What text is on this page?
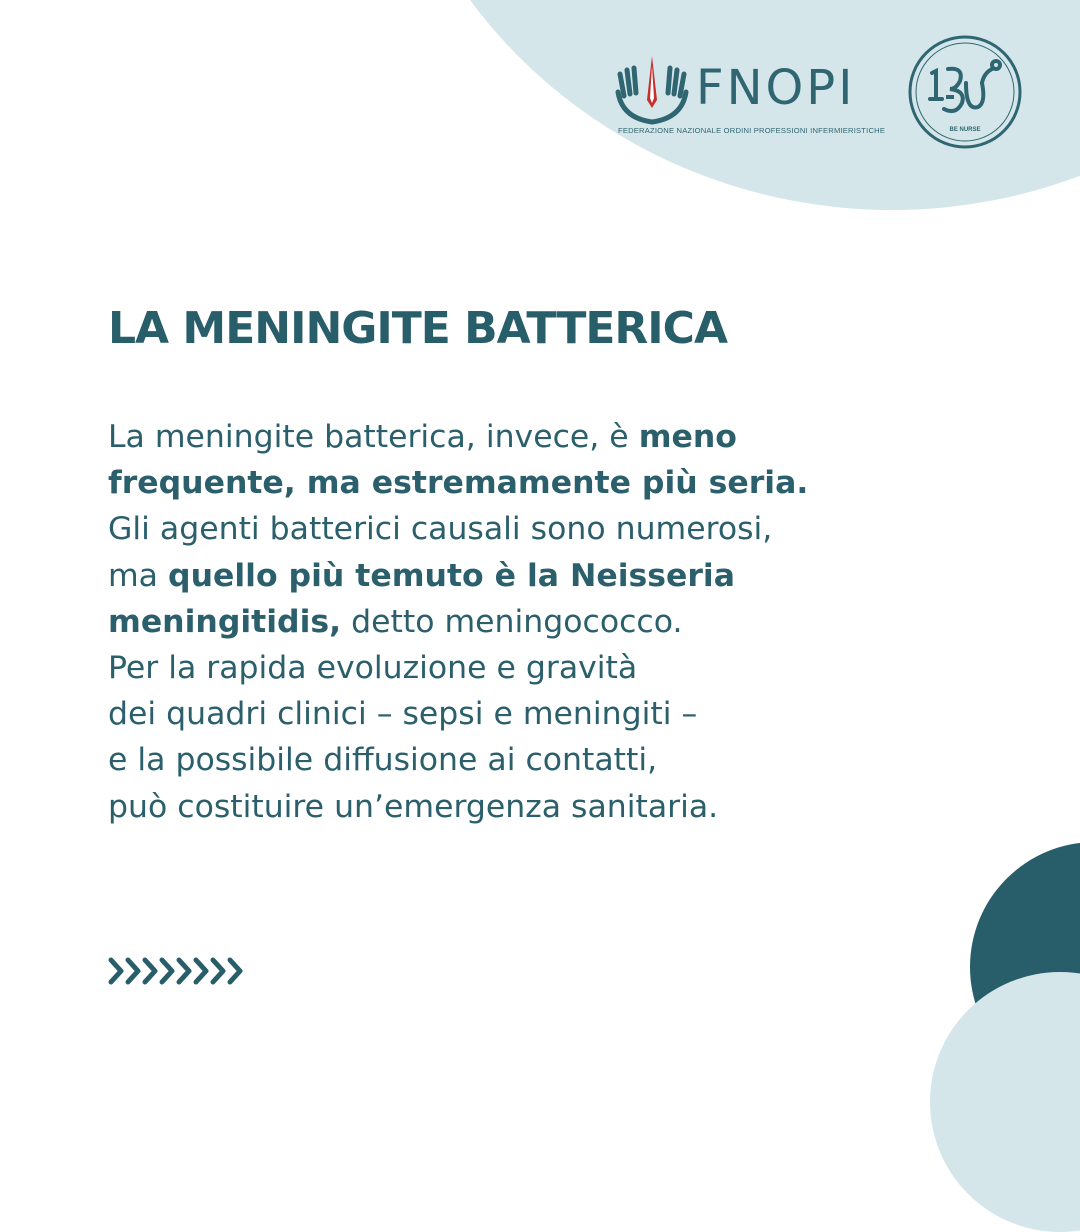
FNOPI
FEDERAZIONE NAZIONALE ORDINI PROFESSIONI INFERMIERISTICHE	BE NURSE
LA MENINGITE BATTERICA
La meningite batterica, invece, è meno
frequente, ma estremamente più seria.
Gli agenti batterici causali sono numerosi,
ma quello più temuto è la Neisseria
meningitidis, detto meningococco.
Per la rapida evoluzione e gravità
dei quadri clinici – sepsi e meningiti –
e la possibile diffusione ai contatti,
può costituire un’emergenza sanitaria.
